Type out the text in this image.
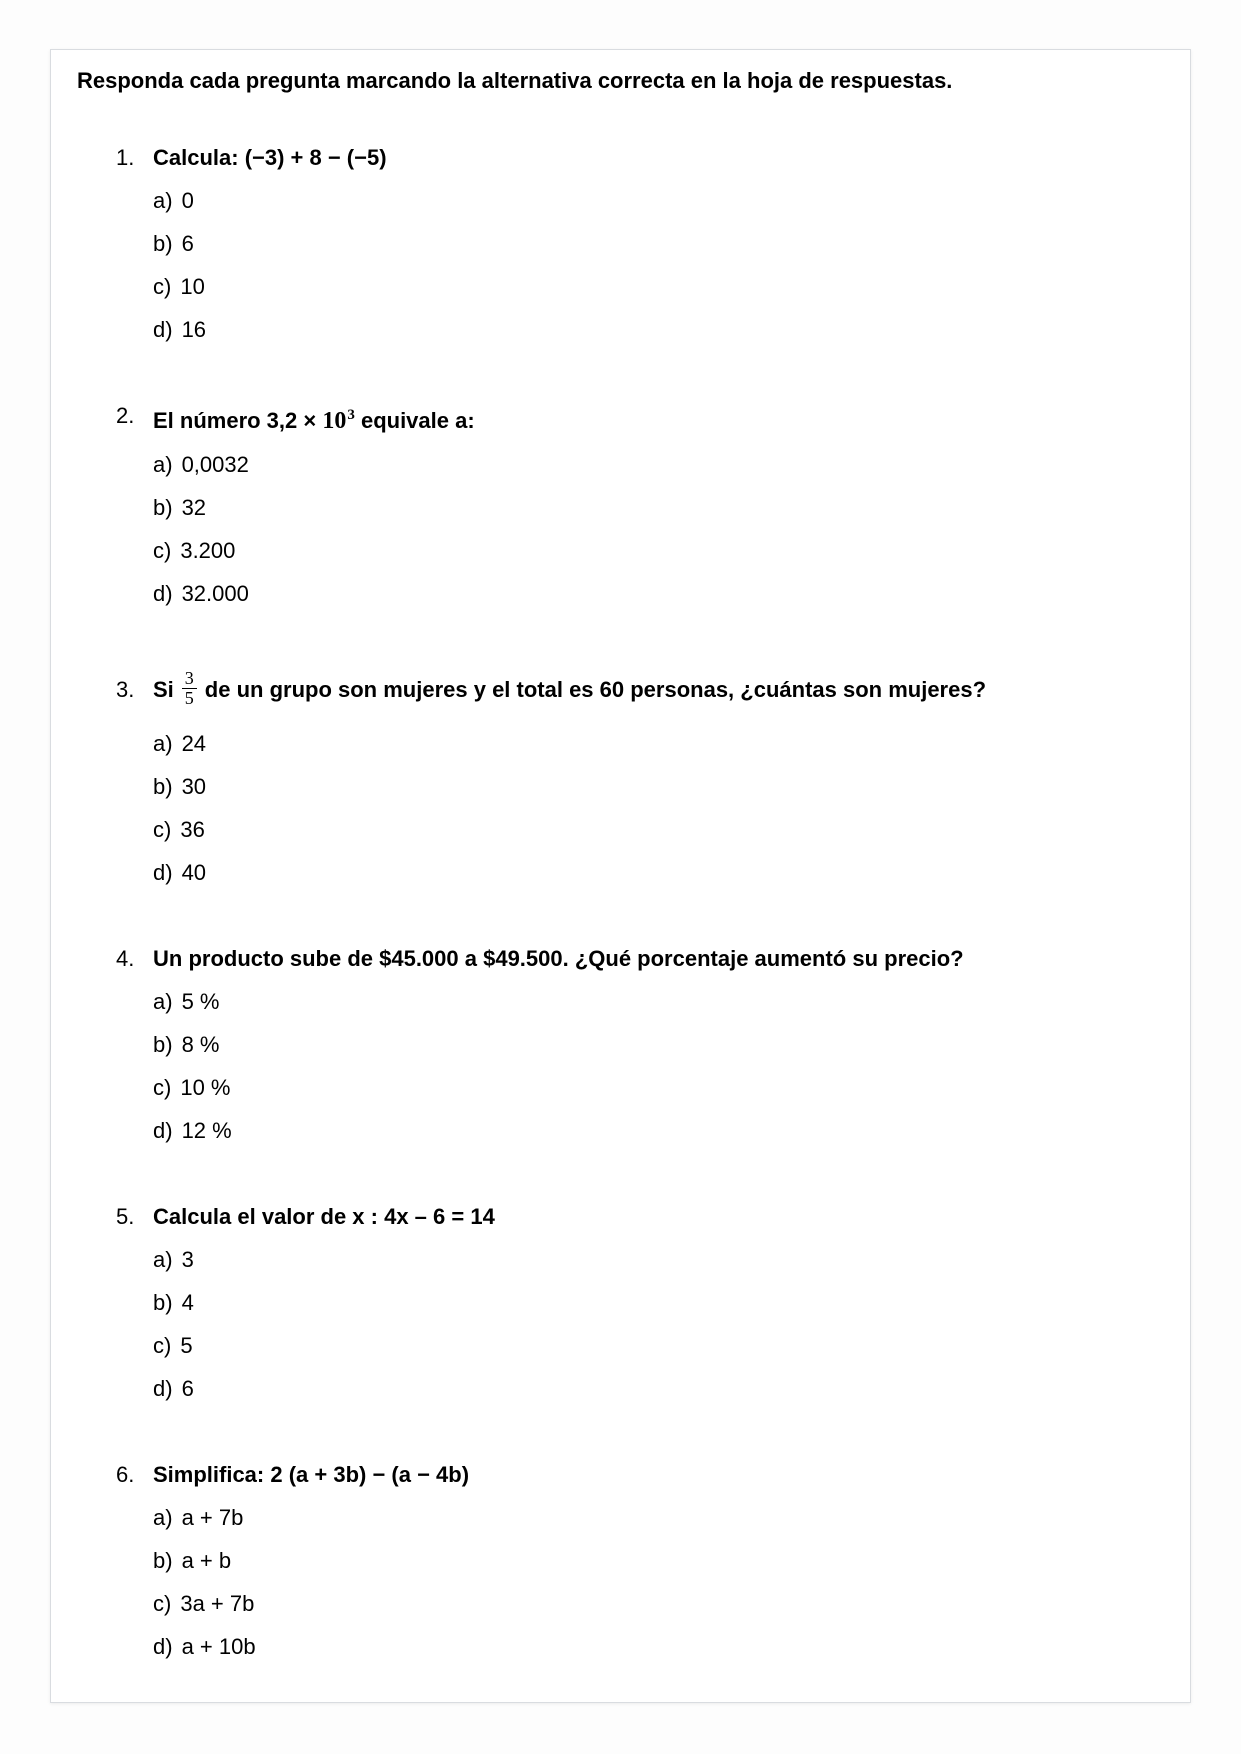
Responda cada pregunta marcando la alternativa correcta en la hoja de respuestas.
1. Calcula: (−3) + 8 − (−5)
a) 0
b) 6
c) 10
d) 16
2. El número $3,2 \times 10^3$ equivale a:
a) 0,0032
b) 32
c) 3.200
d) 32.000
3. Si $\frac{3}{5}$ de un grupo son mujeres y el total es 60 personas, ¿cuántas son mujeres?
a) 24
b) 30
c) 36
d) 40
4. Un producto sube de $45.000 a $49.500. ¿Qué porcentaje aumentó su precio?
a) 5 %
b) 8 %
c) 10 %
d) 12 %
5. Calcula el valor de x : 4x – 6 = 14
a) 3
b) 4
c) 5
d) 6
6. Simplifica: 2 (a + 3b) − (a − 4b)
a) a + 7b
b) a + b
c) 3a + 7b
d) a + 10b
